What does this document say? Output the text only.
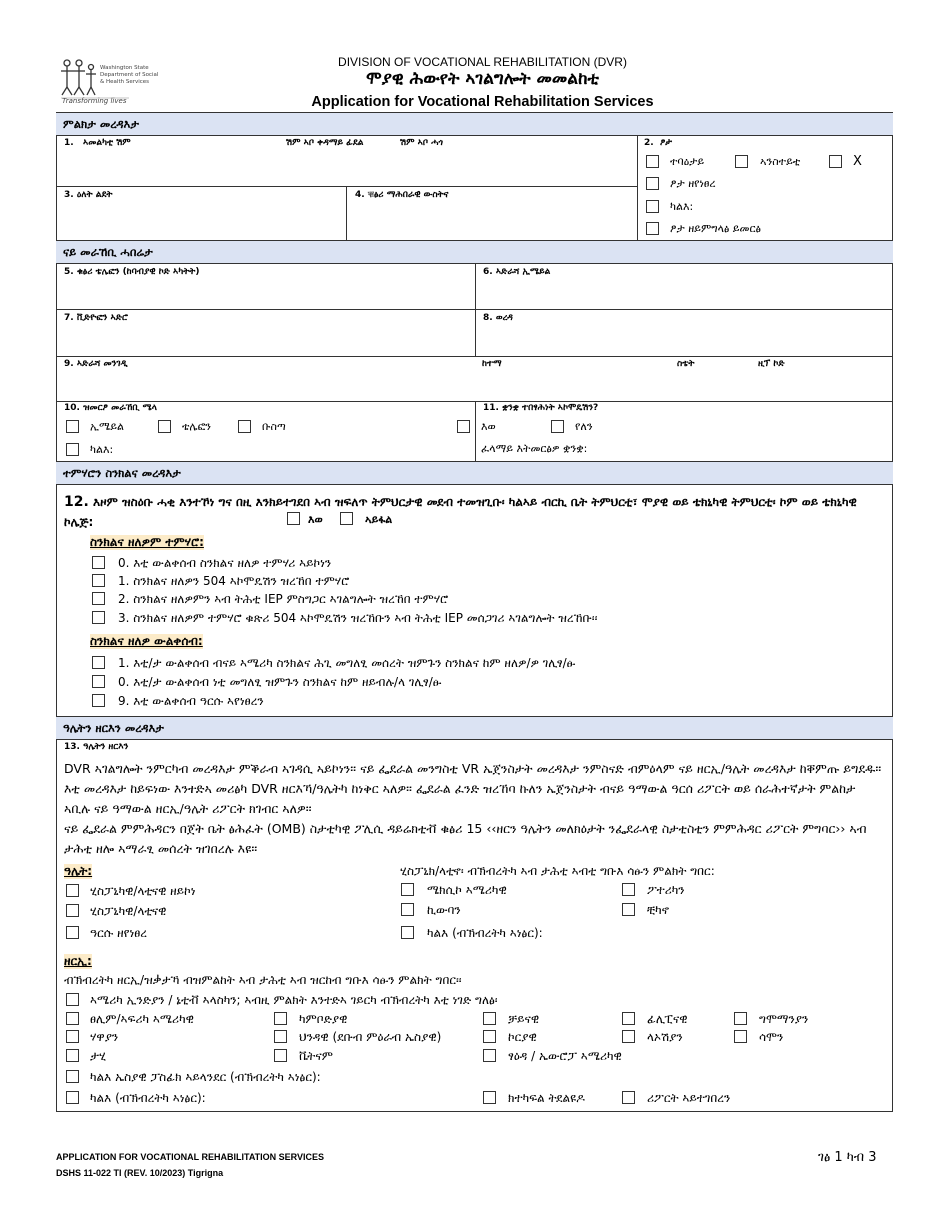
Washington State Department of Social & Health Services
Transforming lives
DIVISION OF VOCATIONAL REHABILITATION (DVR)
ሞያዊ ሕውየት ኣገልግሎት መመልከቲ
Application for Vocational Rehabilitation Services
ምልክታ መረዳእታ
1. ኣመልካቲ ሽም	ሽም ኣቦ ቀዳማይ ፊደል	ሽም ኣቦ ሓጎ	2. ፆታ
ተባዕታይ	ኣንስተይቲ	X
ፆታ ዘየነፀረ
ካልእ:
ፆታ ዘይምግላፅ ይመርፅ
3. ዕለት ልደት	4. ቑፅሪ ማሕበራዊ ውስትና
ናይ መራኸቢ ሓበሬታ
5. ቁፅሪ ቴሌፎን (ከባብያዊ ኮድ ኣካትት)	6. ኣድራሻ ኢሜይል
7. ቪድዮፎን ኣድሮ	8. ወረዳ
9. ኣድራሻ መንገዲ	ከተማ	ስቴት	ዚፕ ኮድ
10. ዝመርፆ መራኸቢ ሜላ
ኢሜይል	ቴሌፎን	ቡስጣ
ካልእ:
11. ቋንቋ ተበፃሕነት ኣኮሞዴሽን?
እወ	የለን
ፈላማይ እትመርፅዎ ቋንቋ:
ተምሃሮን ስንክልና መረዳእታ
12. እዞም ዝስዕቡ ሓቂ እንተኾነ ግና በዚ እንክይተገደበ ኣብ ዝፍለጥ ትምህርታዊ መደብ ተመዝጊቡ፡ ካልኣይ ብርኪ ቤት ትምህርቲ፣ ሞያዊ ወይ ቴክኒካዊ ትምህርቲ፡ ኮም ወይ ቴክኒካዊ ኮሌጅ:	እወ	ኣይፋል
ስንክልና ዘለዎም ተምሃሮ:
0. እቲ ውልቀሰብ ስንክልና ዘለዎ ተምሃሪ ኣይኮነን
1. ስንክልና ዘለዎን 504 ኣኮሞዴሽን ዝረኸበ ተምሃሮ
2. ስንክልና ዘለዎምን ኣብ ትሕቲ IEP ምስግጋር ኣገልግሎት ዝረኸበ ተምሃሮ
3. ስንክልና ዘለዎም ተምሃሮ ቁጽሪ 504 ኣኮሞዴሽን ዝረኸቡን ኣብ ትሕቲ IEP መሰጋገሪ ኣገልግሎት ዝረኸቡ፡፡
ስንክልና ዘለዎ ውልቀሰብ:
1. እቲ/ታ ውልቀሰብ ብናይ ኣሜሪካ ስንክልና ሕጊ መግለፂ መሰረት ዝምጉን ስንክልና ከም ዘለዎ/ዎ ገሊፃ/ፁ
0. እቲ/ታ ውልቀሰብ ነቲ መግለፂ ዝምጉን ስንክልና ከም ዘይብሉ/ላ ገሊፃ/ፁ
9. እቲ ውልቀሰብ ዓርሱ ኣየነፀረን
ዓሌትን ዘርእን መረዳእታ
13. ዓሌትን ዘርእን
DVR ኣገልግሎት ንምርካብ መረዳእታ ምቕራብ ኣገዳሲ ኣይኮነን፡፡ ናይ ፌደራል መንግስቲ VR ኤጀንስታት መረዳእታ ንምስናድ ብምዕላም ናይ ዘርኢ/ዓሌት መረዳእታ ከቐምጡ ይግደዱ፡፡ እቲ መረዳእታ ከይፍነው እንተድኣ መሪፅካ DVR ዘርእኻ/ዓሌትካ ከነቅር ኣለዎ፡፡ ፌደራል ፈንድ ዝረኸባ ኩለን ኤጀንስታት ብናይ ዓማውል ዓርሰ ሪፖርት ወይ ሰራሕተኛታት ምልከታ ኣቢሉ ናይ ዓማውል ዘርኢ/ዓሌት ሪፖርት ክገብር ኣለዎ፡፡
ናይ ፌደራል ምምሕዳርን በጀት ቤት ፅሕፈት (OMB) ስታቲካዊ ፖሊሲ ዳይሬክቲቭ ቁፅሪ 15 ‹‹ዘርን ዓሌትን መለክዕታት ንፌደራላዊ ስታቲስቲን ምምሕዳር ሪፖርት ምግባር›› ኣብ ታሕቲ ዘሎ ኣማራፂ መሰረት ዝገበረሉ እዩ፡፡
ዓሌት:
ሂስፓኒካዊ/ላቲናዊ ዘይኮነ
ሂስፓኒካዊ/ላቲናዊ
ዓርሱ ዘየነፀረ
ሂስፓኒክ/ላቲኖ፡ ብኽብረትካ ኣብ ታሕቲ ኣብቲ ግቡእ ሳፁን ምልክት ግበር:
ሜክሲኮ ኣሜሪካዊ	ፖተሪካን
ኪውባን	ቺካኖ
ካልእ (ብኽብረትካ ኣነፅር):
ዘርኢ:
ብኽብረትካ ዘርኢ/ዝቃታኻ ብዝምልከት ኣብ ታሕቲ ኣብ ዝርከብ ግቡእ ሳፁን ምልክት ግበር፡፡
ኣሜሪካ ኢንድያን / ኔቲቭ ኣላስካን; ኣብዚ ምልክት እንተድኣ ገይርካ ብኽብረትካ እቲ ነገድ ግለፅ፡
ፀሊም/ኣፍሪካ ኣሜሪካዊ	ካምቦድያዊ	ቻይናዊ	ፊሊፒናዊ	ግሞማንያን
ሃዋያን	ህንዳዊ (ደቡብ ምዕራብ ኤስያዊ)	ኮርያዊ	ላኦሽያን	ሳሞን
ታሂ	ቬትናም	ፃዕዳ / ኤውሮፓ ኣሜሪካዊ
ካልእ ኤስያዊ ፓስፊክ ኣይላንደር (ብኽብረትካ ኣነፅር):
ካልእ (ብኽብረትካ ኣነፅር):	ክተካፍል ትደልዩዶ	ሪፖርት ኣይተገበረን
APPLICATION FOR VOCATIONAL REHABILITATION SERVICES
DSHS 11-022 TI (REV. 10/2023) Tigrigna
ገፅ 1 ካብ 3
